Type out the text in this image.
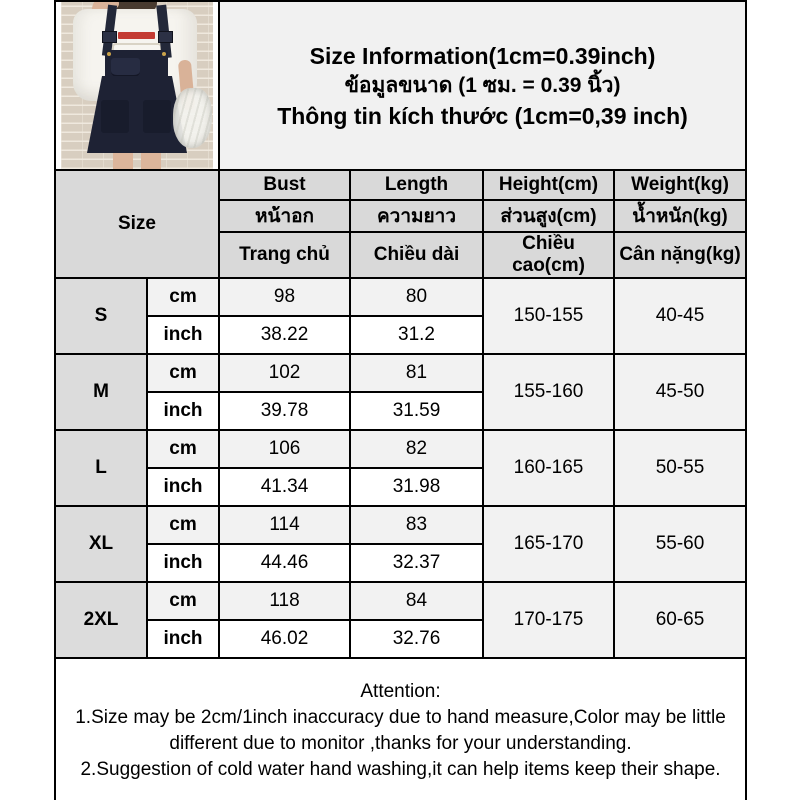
		Size Information(1cm=0.39inch)
ข้อมูลขนาด (1 ซม. = 0.39 นิ้ว)
Thông tin kích thước (1cm=0,39 inch)			

Size		Bust	Length	Height(cm)	Weight(kg)
		หน้าอก	ความยาว	ส่วนสูง(cm)	น้ำหนัก(kg)
		Trang chủ	Chiều dài	Chiều cao(cm)	Cân nặng(kg)
S	cm	98	80	150-155	40-45
	inch	38.22	31.2		
M	cm	102	81	155-160	45-50
	inch	39.78	31.59		
L	cm	106	82	160-165	50-55
	inch	41.34	31.98		
XL	cm	114	83	165-170	55-60
	inch	44.46	32.37		
2XL	cm	118	84	170-175	60-65
	inch	46.02	32.76		

Attention:
1.Size may be 2cm/1inch inaccuracy due to hand measure,Color may be little different due to monitor ,thanks for your understanding.
2.Suggestion of cold water hand washing,it can help items keep their shape.					
